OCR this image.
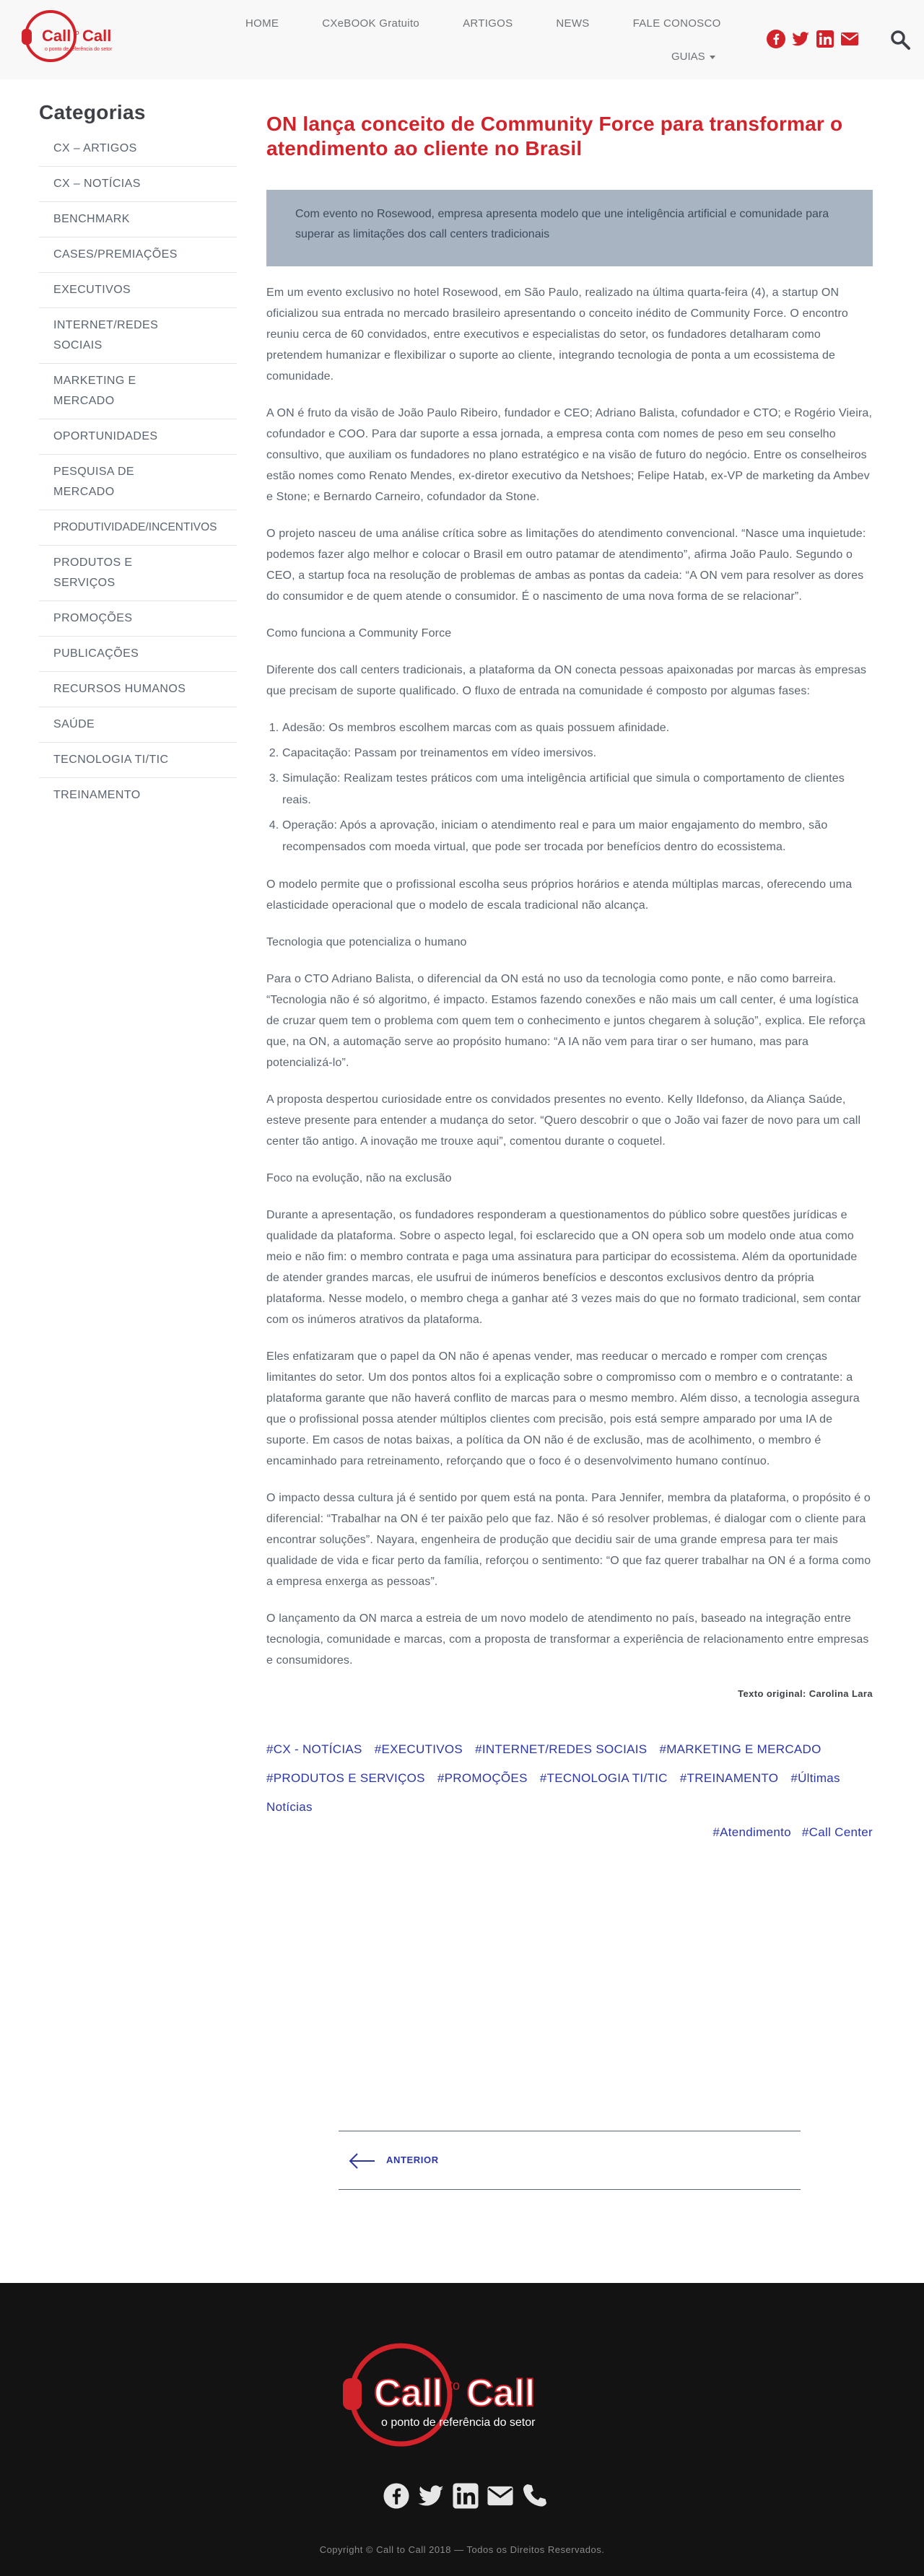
Call to Call
o ponto de referência do setor
HOME	CXeBOOK Gratuito	ARTIGOS	NEWS	FALE CONOSCO
GUIAS
Categorias
CX – ARTIGOS
CX – NOTÍCIAS
BENCHMARK
CASES/PREMIAÇÕES
EXECUTIVOS
INTERNET/REDES SOCIAIS
MARKETING E MERCADO
OPORTUNIDADES
PESQUISA DE MERCADO
PRODUTIVIDADE/INCENTIVOS
PRODUTOS E SERVIÇOS
PROMOÇÕES
PUBLICAÇÕES
RECURSOS HUMANOS
SAÚDE
TECNOLOGIA TI/TIC
TREINAMENTO
ON lança conceito de Community Force para transformar o atendimento ao cliente no Brasil
Com evento no Rosewood, empresa apresenta modelo que une inteligência artificial e comunidade para superar as limitações dos call centers tradicionais

Em um evento exclusivo no hotel Rosewood, em São Paulo, realizado na última quarta-feira (4), a startup ON oficializou sua entrada no mercado brasileiro apresentando o conceito inédito de Community Force. O encontro reuniu cerca de 60 convidados, entre executivos e especialistas do setor, os fundadores detalharam como pretendem humanizar e flexibilizar o suporte ao cliente, integrando tecnologia de ponta a um ecossistema de comunidade.

A ON é fruto da visão de João Paulo Ribeiro, fundador e CEO; Adriano Balista, cofundador e CTO; e Rogério Vieira, cofundador e COO. Para dar suporte a essa jornada, a empresa conta com nomes de peso em seu conselho consultivo, que auxiliam os fundadores no plano estratégico e na visão de futuro do negócio. Entre os conselheiros estão nomes como Renato Mendes, ex-diretor executivo da Netshoes; Felipe Hatab, ex-VP de marketing da Ambev e Stone; e Bernardo Carneiro, cofundador da Stone.

O projeto nasceu de uma análise crítica sobre as limitações do atendimento convencional. “Nasce uma inquietude: podemos fazer algo melhor e colocar o Brasil em outro patamar de atendimento”, afirma João Paulo. Segundo o CEO, a startup foca na resolução de problemas de ambas as pontas da cadeia: “A ON vem para resolver as dores do consumidor e de quem atende o consumidor. É o nascimento de uma nova forma de se relacionar”.

Como funciona a Community Force

Diferente dos call centers tradicionais, a plataforma da ON conecta pessoas apaixonadas por marcas às empresas que precisam de suporte qualificado. O fluxo de entrada na comunidade é composto por algumas fases:

1. Adesão: Os membros escolhem marcas com as quais possuem afinidade.
2. Capacitação: Passam por treinamentos em vídeo imersivos.
3. Simulação: Realizam testes práticos com uma inteligência artificial que simula o comportamento de clientes reais.
4. Operação: Após a aprovação, iniciam o atendimento real e para um maior engajamento do membro, são recompensados com moeda virtual, que pode ser trocada por benefícios dentro do ecossistema.

O modelo permite que o profissional escolha seus próprios horários e atenda múltiplas marcas, oferecendo uma elasticidade operacional que o modelo de escala tradicional não alcança.

Tecnologia que potencializa o humano

Para o CTO Adriano Balista, o diferencial da ON está no uso da tecnologia como ponte, e não como barreira. “Tecnologia não é só algoritmo, é impacto. Estamos fazendo conexões e não mais um call center, é uma logística de cruzar quem tem o problema com quem tem o conhecimento e juntos chegarem à solução”, explica. Ele reforça que, na ON, a automação serve ao propósito humano: “A IA não vem para tirar o ser humano, mas para potencializá-lo”.

A proposta despertou curiosidade entre os convidados presentes no evento. Kelly Ildefonso, da Aliança Saúde, esteve presente para entender a mudança do setor. “Quero descobrir o que o João vai fazer de novo para um call center tão antigo. A inovação me trouxe aqui”, comentou durante o coquetel.

Foco na evolução, não na exclusão

Durante a apresentação, os fundadores responderam a questionamentos do público sobre questões jurídicas e qualidade da plataforma. Sobre o aspecto legal, foi esclarecido que a ON opera sob um modelo onde atua como meio e não fim: o membro contrata e paga uma assinatura para participar do ecossistema. Além da oportunidade de atender grandes marcas, ele usufrui de inúmeros benefícios e descontos exclusivos dentro da própria plataforma. Nesse modelo, o membro chega a ganhar até 3 vezes mais do que no formato tradicional, sem contar com os inúmeros atrativos da plataforma.

Eles enfatizaram que o papel da ON não é apenas vender, mas reeducar o mercado e romper com crenças limitantes do setor. Um dos pontos altos foi a explicação sobre o compromisso com o membro e o contratante: a plataforma garante que não haverá conflito de marcas para o mesmo membro. Além disso, a tecnologia assegura que o profissional possa atender múltiplos clientes com precisão, pois está sempre amparado por uma IA de suporte. Em casos de notas baixas, a política da ON não é de exclusão, mas de acolhimento, o membro é encaminhado para retreinamento, reforçando que o foco é o desenvolvimento humano contínuo.

O impacto dessa cultura já é sentido por quem está na ponta. Para Jennifer, membra da plataforma, o propósito é o diferencial: “Trabalhar na ON é ter paixão pelo que faz. Não é só resolver problemas, é dialogar com o cliente para encontrar soluções”. Nayara, engenheira de produção que decidiu sair de uma grande empresa para ter mais qualidade de vida e ficar perto da família, reforçou o sentimento: “O que faz querer trabalhar na ON é a forma como a empresa enxerga as pessoas”.

O lançamento da ON marca a estreia de um novo modelo de atendimento no país, baseado na integração entre tecnologia, comunidade e marcas, com a proposta de transformar a experiência de relacionamento entre empresas e consumidores.

Texto original: Carolina Lara
#CX - NOTÍCIAS #EXECUTIVOS #INTERNET/REDES SOCIAIS #MARKETING E MERCADO #PRODUTOS E SERVIÇOS #PROMOÇÕES #TECNOLOGIA TI/TIC #TREINAMENTO #Últimas Notícias
#Atendimento #Call Center
ANTERIOR
Call to Call
o ponto de referência do setor
Copyright © Call to Call 2018 — Todos os Direitos Reservados.
